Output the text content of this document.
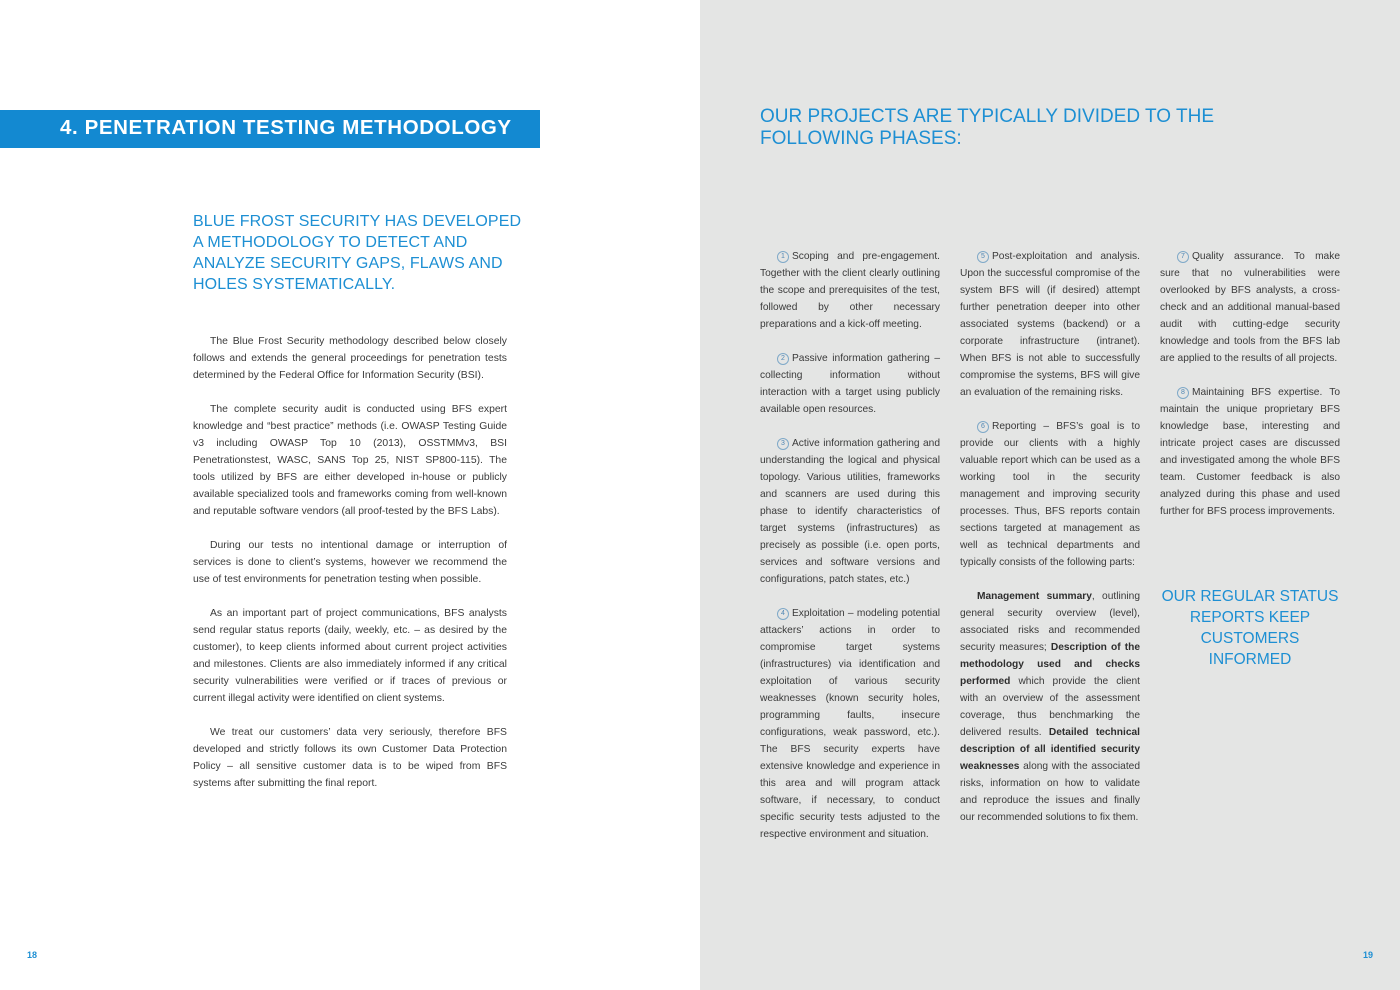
4. PENETRATION TESTING METHODOLOGY
BLUE FROST SECURITY HAS DEVELOPED A METHODOLOGY TO DETECT AND ANALYZE SECURITY GAPS, FLAWS AND HOLES SYSTEMATICALLY.

The Blue Frost Security methodology described below closely follows and extends the general proceedings for penetration tests determined by the Federal Office for Information Security (BSI).

The complete security audit is conducted using BFS expert knowledge and “best practice” methods (i.e. OWASP Testing Guide v3 including OWASP Top 10 (2013), OSSTMMv3, BSI Penetrationstest, WASC, SANS Top 25, NIST SP800-115). The tools utilized by BFS are either developed in-house or publicly available specialized tools and frameworks coming from well-known and reputable software vendors (all proof-tested by the BFS Labs).

During our tests no intentional damage or interruption of services is done to client’s systems, however we recommend the use of test environments for penetration testing when possible.

As an important part of project communications, BFS analysts send regular status reports (daily, weekly, etc. – as desired by the customer), to keep clients informed about current project activities and milestones. Clients are also immediately informed if any critical security vulnerabilities were verified or if traces of previous or current illegal activity were identified on client systems.

We treat our customers’ data very seriously, therefore BFS developed and strictly follows its own Customer Data Protection Policy – all sensitive customer data is to be wiped from BFS systems after submitting the final report.

18
OUR PROJECTS ARE TYPICALLY DIVIDED TO THE FOLLOWING PHASES:

1 Scoping and pre-engagement. Together with the client clearly outlining the scope and prerequisites of the test, followed by other necessary preparations and a kick-off meeting.

2 Passive information gathering – collecting information without interaction with a target using publicly available open resources.

3 Active information gathering and understanding the logical and physical topology. Various utilities, frameworks and scanners are used during this phase to identify characteristics of target systems (infrastructures) as precisely as possible (i.e. open ports, services and software versions and configurations, patch states, etc.)

4 Exploitation – modeling potential attackers’ actions in order to compromise target systems (infrastructures) via identification and exploitation of various security weaknesses (known security holes, programming faults, insecure configurations, weak password, etc.). The BFS security experts have extensive knowledge and experience in this area and will program attack software, if necessary, to conduct specific security tests adjusted to the respective environment and situation.

5 Post-exploitation and analysis. Upon the successful compromise of the system BFS will (if desired) attempt further penetration deeper into other associated systems (backend) or a corporate infrastructure (intranet). When BFS is not able to successfully compromise the systems, BFS will give an evaluation of the remaining risks.

6 Reporting – BFS’s goal is to provide our clients with a highly valuable report which can be used as a working tool in the security management and improving security processes. Thus, BFS reports contain sections targeted at management as well as technical departments and typically consists of the following parts:

Management summary, outlining general security overview (level), associated risks and recommended security measures; Description of the methodology used and checks performed which provide the client with an overview of the assessment coverage, thus benchmarking the delivered results. Detailed technical description of all identified security weaknesses along with the associated risks, information on how to validate and reproduce the issues and finally our recommended solutions to fix them.

7 Quality assurance. To make sure that no vulnerabilities were overlooked by BFS analysts, a cross-check and an additional manual-based audit with cutting-edge security knowledge and tools from the BFS lab are applied to the results of all projects.

8 Maintaining BFS expertise. To maintain the unique proprietary BFS knowledge base, interesting and intricate project cases are discussed and investigated among the whole BFS team. Customer feedback is also analyzed during this phase and used further for BFS process improvements.

OUR REGULAR STATUS REPORTS KEEP CUSTOMERS INFORMED
19
